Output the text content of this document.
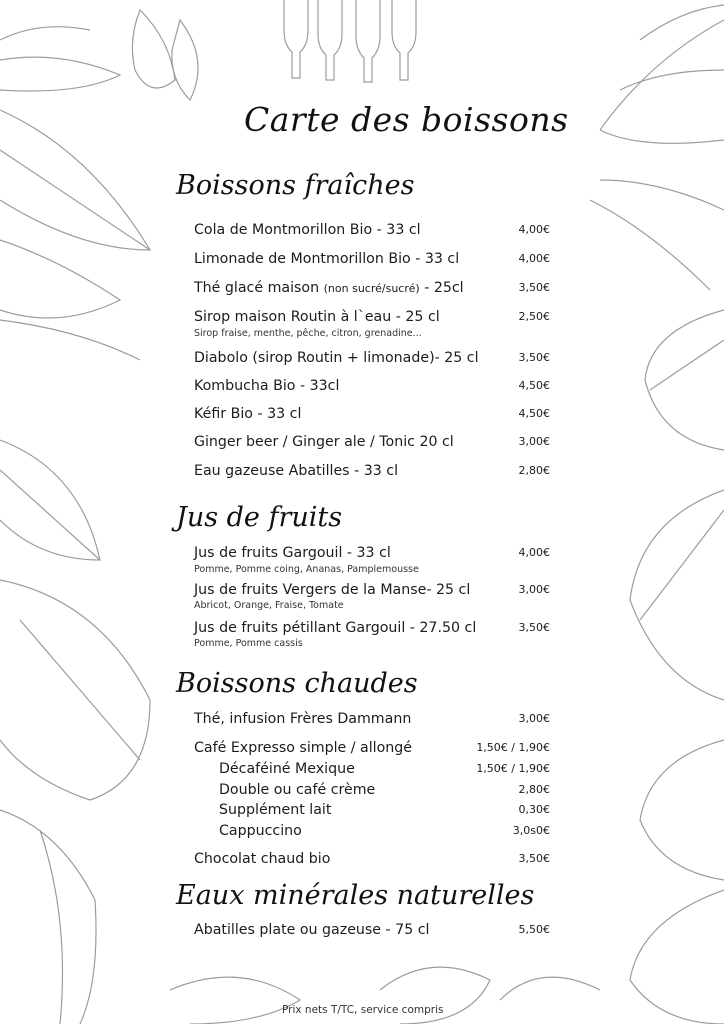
Carte des boissons
Boissons fraîches
Cola de Montmorillon Bio - 33 cl	4,00€
Limonade de Montmorillon Bio - 33 cl	4,00€
Thé glacé maison (non sucré/sucré) - 25cl	3,50€
Sirop maison Routin à l`eau - 25 cl	2,50€
Sirop fraise, menthe, pêche, citron, grenadine...
Diabolo (sirop Routin + limonade)- 25 cl	3,50€
Kombucha Bio - 33cl	4,50€
Kéfir Bio - 33 cl	4,50€
Ginger beer / Ginger ale / Tonic 20 cl	3,00€
Eau gazeuse Abatilles - 33 cl	2,80€
Jus de fruits
Jus de fruits Gargouil - 33 cl	4,00€
Pomme, Pomme coing, Ananas, Pamplemousse
Jus de fruits Vergers de la Manse- 25 cl	3,00€
Abricot, Orange, Fraise, Tomate
Jus de fruits pétillant Gargouil - 27.50 cl	3,50€
Pomme, Pomme cassis
Boissons chaudes
Thé, infusion Frères Dammann	3,00€
Café Expresso simple / allongé	1,50€ / 1,90€
Décaféiné Mexique	1,50€ / 1,90€
Double ou café crème	2,80€
Supplément lait	0,30€
Cappuccino	3,0s0€
Chocolat chaud bio	3,50€
Eaux minérales naturelles
Abatilles plate ou gazeuse - 75 cl	5,50€
Prix nets T/TC, service compris
